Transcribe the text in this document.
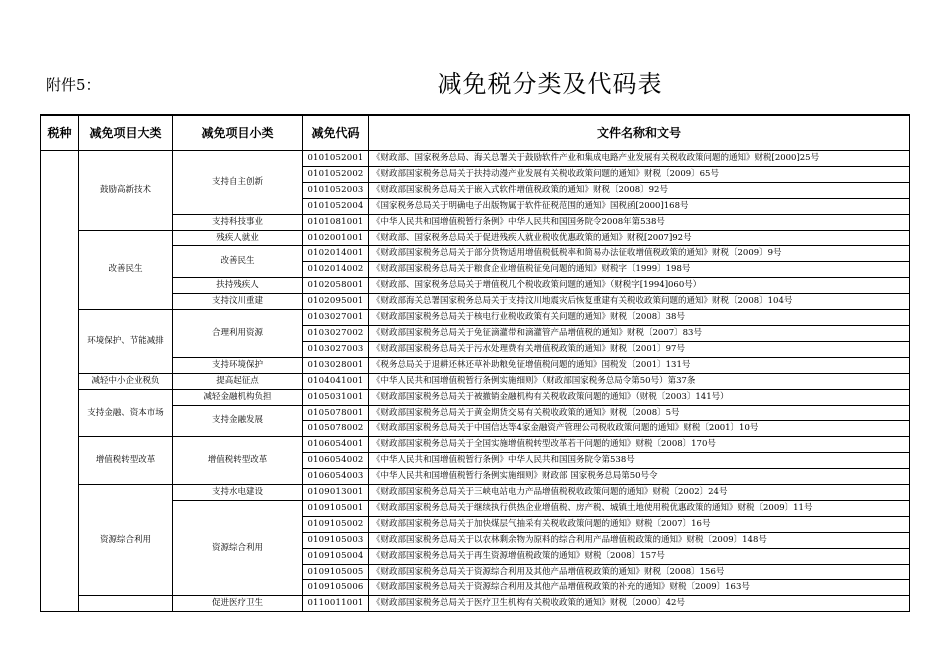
附件5：	减免税分类及代码表
税种	减免项目大类	减免项目小类	减免代码	文件名称和文号
	鼓励高新技术	支持自主创新	0101052001	《财政部、国家税务总局、海关总署关于鼓励软件产业和集成电路产业发展有关税收政策问题的通知》财税[2000]25号
			0101052002	《财政部国家税务总局关于扶持动漫产业发展有关税收政策问题的通知》财税〔2009〕65号
			0101052003	《财政部国家税务总局关于嵌入式软件增值税政策的通知》财税〔2008〕92号
			0101052004	《国家税务总局关于明确电子出版物属于软件征税范围的通知》国税函[2000]168号
		支持科技事业	0101081001	《中华人民共和国增值税暂行条例》中华人民共和国国务院令2008年第538号
	改善民生	残疾人就业	0102001001	《财政部、国家税务总局关于促进残疾人就业税收优惠政策的通知》财税[2007]92号
		改善民生	0102014001	《财政部国家税务总局关于部分货物适用增值税低税率和简易办法征收增值税政策的通知》财税〔2009〕9号
			0102014002	《财政部国家税务总局关于粮食企业增值税征免问题的通知》财税字〔1999〕198号
		扶持残疾人	0102058001	《财政部、国家税务总局关于增值税几个税收政策问题的通知》（财税字[1994]060号）
		支持汶川重建	0102095001	《财政部海关总署国家税务总局关于支持汶川地震灾后恢复重建有关税收政策问题的通知》财税〔2008〕104号
	环境保护、节能减排	合理利用资源	0103027001	《财政部国家税务总局关于核电行业税收政策有关问题的通知》财税〔2008〕38号
			0103027002	《财政部国家税务总局关于免征滴灌带和滴灌管产品增值税的通知》财税〔2007〕83号
			0103027003	《财政部国家税务总局关于污水处理费有关增值税政策的通知》财税〔2001〕97号
		支持环境保护	0103028001	《税务总局关于退耕还林还草补助粮免征增值税问题的通知》国税发〔2001〕131号
	减轻中小企业税负	提高起征点	0104041001	《中华人民共和国增值税暂行条例实施细则》（财政部国家税务总局令第50号）第37条
	支持金融、资本市场	减轻金融机构负担	0105031001	《财政部国家税务总局关于被撤销金融机构有关税收政策问题的通知》（财税〔2003〕141号）
		支持金融发展	0105078001	《财政部国家税务总局关于黄金期货交易有关税收政策的通知》财税〔2008〕5号
			0105078002	《财政部国家税务总局关于中国信达等4家金融资产管理公司税收政策问题的通知》财税〔2001〕10号
	增值税转型改革	增值税转型改革	0106054001	《财政部国家税务总局关于全国实施增值税转型改革若干问题的通知》财税〔2008〕170号
			0106054002	《中华人民共和国增值税暂行条例》中华人民共和国国务院令第538号
			0106054003	《中华人民共和国增值税暂行条例实施细则》财政部 国家税务总局第50号令
	资源综合利用	支持水电建设	0109013001	《财政部国家税务总局关于三峡电站电力产品增值税税收政策问题的通知》财税〔2002〕24号
		资源综合利用	0109105001	《财政部国家税务总局关于继续执行供热企业增值税、房产税、城镇土地使用税优惠政策的通知》财税〔2009〕11号
			0109105002	《财政部国家税务总局关于加快煤层气抽采有关税收政策问题的通知》财税〔2007〕16号
			0109105003	《财政部国家税务总局关于以农林剩余物为原料的综合利用产品增值税政策的通知》财税〔2009〕148号
			0109105004	《财政部国家税务总局关于再生资源增值税政策的通知》财税〔2008〕157号
			0109105005	《财政部国家税务总局关于资源综合利用及其他产品增值税政策的通知》财税〔2008〕156号
			0109105006	《财政部国家税务总局关于资源综合利用及其他产品增值税政策的补充的通知》财税〔2009〕163号
		促进医疗卫生	0110011001	《财政部国家税务总局关于医疗卫生机构有关税收政策的通知》财税〔2000〕42号
